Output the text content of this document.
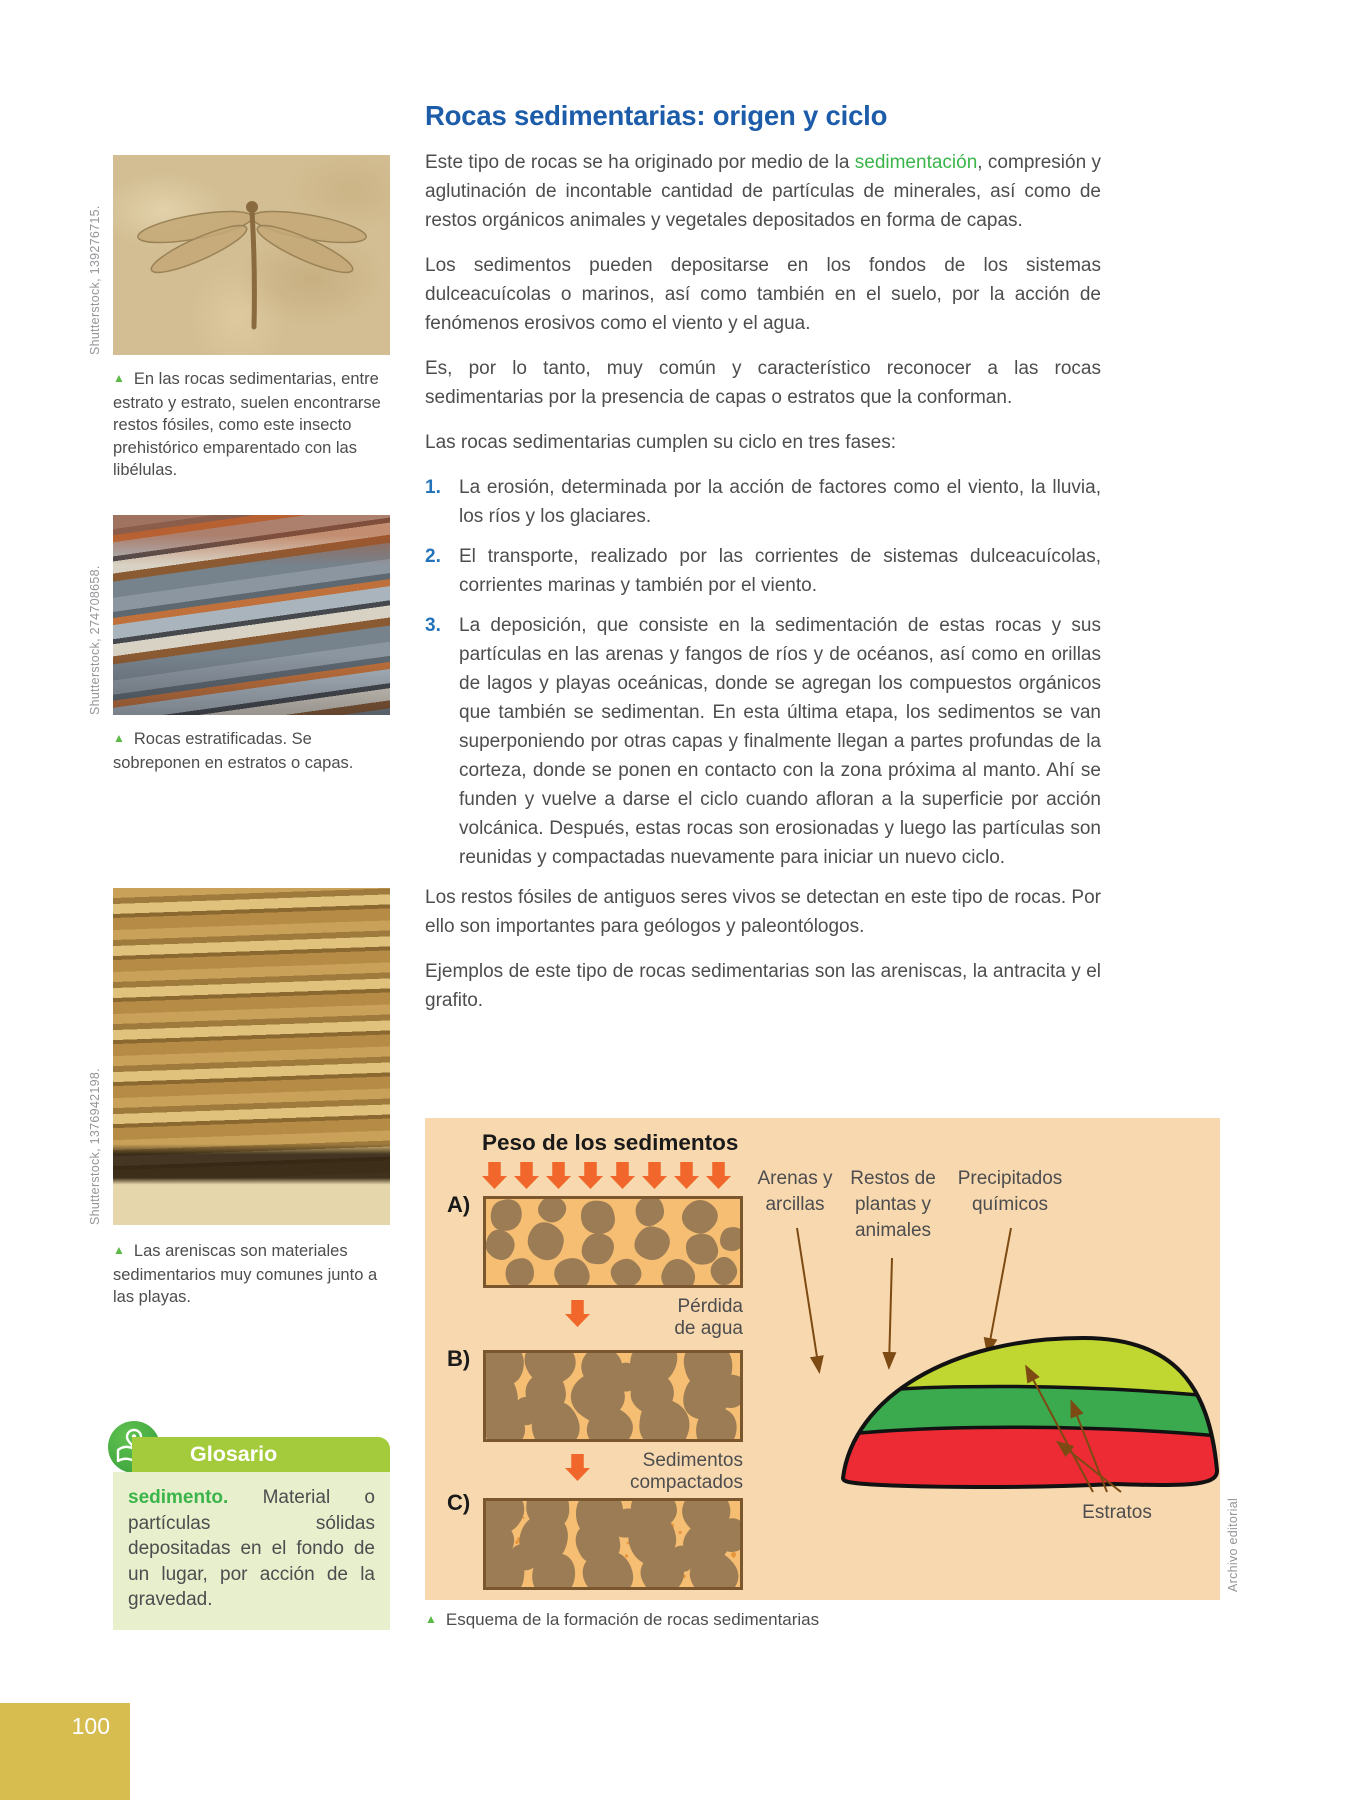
Shutterstock, 139276715.
▲ En las rocas sedimentarias, entre estrato y estrato, suelen encontrarse restos fósiles, como este insecto prehistórico emparentado con las libélulas.
Shutterstock, 274708658.
▲ Rocas estratificadas. Se sobreponen en estratos o capas.
Shutterstock, 1376942198.
▲ Las areniscas son materiales sedimentarios muy comunes junto a las playas.
Glosario
sedimento. Material o partículas sólidas depositadas en el fondo de un lugar, por acción de la gravedad.
Rocas sedimentarias: origen y ciclo

Este tipo de rocas se ha originado por medio de la sedimentación, compresión y aglutinación de incontable cantidad de partículas de minerales, así como de restos orgánicos animales y vegetales depositados en forma de capas.

Los sedimentos pueden depositarse en los fondos de los sistemas dulceacuícolas o marinos, así como también en el suelo, por la acción de fenómenos erosivos como el viento y el agua.

Es, por lo tanto, muy común y característico reconocer a las rocas sedimentarias por la presencia de capas o estratos que la conforman.

Las rocas sedimentarias cumplen su ciclo en tres fases:

1. La erosión, determinada por la acción de factores como el viento, la lluvia, los ríos y los glaciares.

2. El transporte, realizado por las corrientes de sistemas dulceacuícolas, corrientes marinas y también por el viento.

3. La deposición, que consiste en la sedimentación de estas rocas y sus partículas en las arenas y fangos de ríos y de océanos, así como en orillas de lagos y playas oceánicas, donde se agregan los compuestos orgánicos que también se sedimentan. En esta última etapa, los sedimentos se van superponiendo por otras capas y finalmente llegan a partes profundas de la corteza, donde se ponen en contacto con la zona próxima al manto. Ahí se funden y vuelve a darse el ciclo cuando afloran a la superficie por acción volcánica. Después, estas rocas son erosionadas y luego las partículas son reunidas y compactadas nuevamente para iniciar un nuevo ciclo.

Los restos fósiles de antiguos seres vivos se detectan en este tipo de rocas. Por ello son importantes para geólogos y paleontólogos.

Ejemplos de este tipo de rocas sedimentarias son las areniscas, la antracita y el grafito.

Peso de los sedimentos
A)
Pérdida
de agua
B)
Sedimentos
compactados
C)
Arenas y
arcillas
Restos de
plantas y
animales
Precipitados
químicos
Estratos	Archivo editorial
▲ Esquema de la formación de rocas sedimentarias
100
